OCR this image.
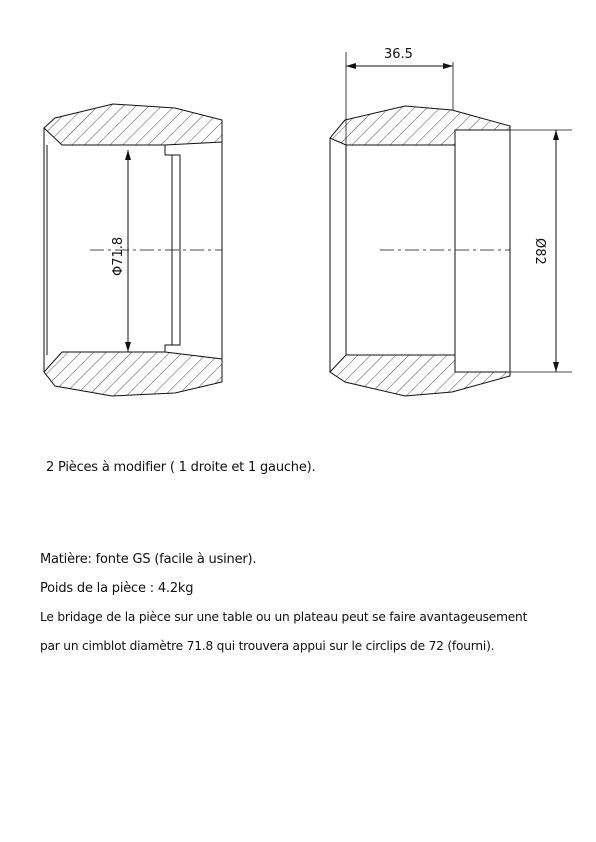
Φ71.8
36.5
Ø82
2 Pièces à modifier ( 1 droite et 1 gauche).
Matière: fonte GS (facile à usiner).
Poids de la pièce : 4.2kg
Le bridage de la pièce sur une table ou un plateau peut se faire avantageusement
par un cimblot diamètre 71.8 qui trouvera appui sur le circlips de 72 (fourni).
